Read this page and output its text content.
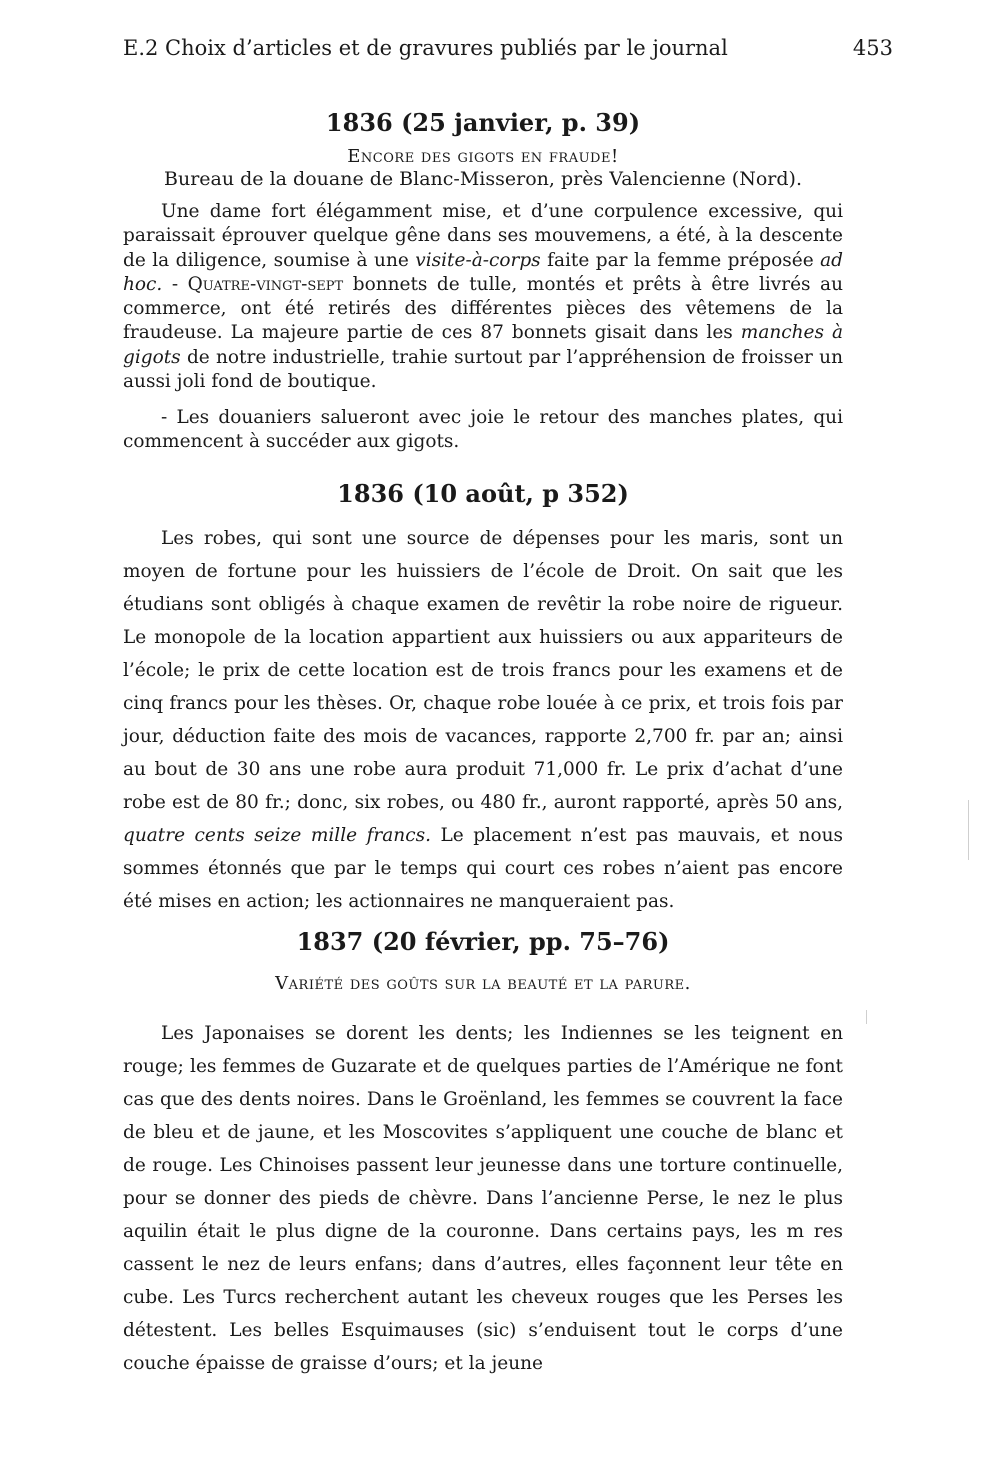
E.2 Choix d’articles et de gravures publiés par le journal	453
1836 (25 janvier, p. 39)

Encore des gigots en fraude!

Bureau de la douane de Blanc-Misseron, près Valencienne (Nord).

Une dame fort élégamment mise, et d’une corpulence excessive, qui paraissait éprouver quelque gêne dans ses mouvemens, a été, à la descente de la diligence, soumise à une visite-à-corps faite par la femme préposée ad hoc. - Quatre-vingt-sept bonnets de tulle, montés et prêts à être livrés au commerce, ont été retirés des différentes pièces des vêtemens de la fraudeuse. La majeure partie de ces 87 bonnets gisait dans les manches à gigots de notre industrielle, trahie surtout par l’appréhension de froisser un aussi joli fond de boutique.

- Les douaniers salueront avec joie le retour des manches plates, qui commencent à succéder aux gigots.

1836 (10 août, p 352)

Les robes, qui sont une source de dépenses pour les maris, sont un moyen de fortune pour les huissiers de l’école de Droit. On sait que les étudians sont obligés à chaque examen de revêtir la robe noire de rigueur. Le monopole de la location appartient aux huissiers ou aux appariteurs de l’école; le prix de cette location est de trois francs pour les examens et de cinq francs pour les thèses. Or, chaque robe louée à ce prix, et trois fois par jour, déduction faite des mois de vacances, rapporte 2,700 fr. par an; ainsi au bout de 30 ans une robe aura produit 71,000 fr. Le prix d’achat d’une robe est de 80 fr.; donc, six robes, ou 480 fr., auront rapporté, après 50 ans, quatre cents seize mille francs. Le placement n’est pas mauvais, et nous sommes étonnés que par le temps qui court ces robes n’aient pas encore été mises en action; les actionnaires ne manqueraient pas.

1837 (20 février, pp. 75–76)

Variété des goûts sur la beauté et la parure.

Les Japonaises se dorent les dents; les Indiennes se les teignent en rouge; les femmes de Guzarate et de quelques parties de l’Amérique ne font cas que des dents noires. Dans le Groënland, les femmes se couvrent la face de bleu et de jaune, et les Moscovites s’appliquent une couche de blanc et de rouge. Les Chinoises passent leur jeunesse dans une torture continuelle, pour se donner des pieds de chèvre. Dans l’ancienne Perse, le nez le plus aquilin était le plus digne de la couronne. Dans certains pays, les m res cassent le nez de leurs enfans; dans d’autres, elles façonnent leur tête en cube. Les Turcs recherchent autant les cheveux rouges que les Perses les détestent. Les belles Esquimauses (sic) s’enduisent tout le corps d’une couche épaisse de graisse d’ours; et la jeune
